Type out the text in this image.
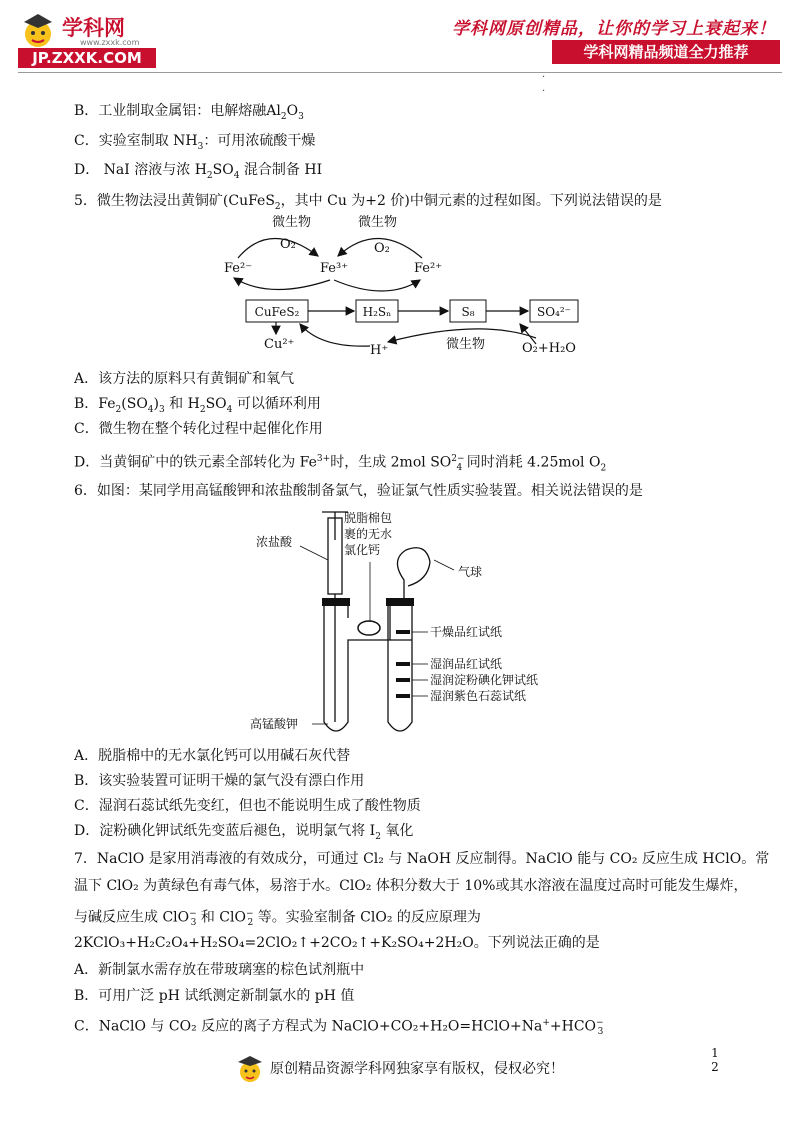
学科网
www.zxxk.com
JP.ZXXK.COM
学科网原创精品，让你的学习上衰起来！
学科网精品频道全力推荐
·
·
B．工业制取金属铝：电解熔融$Al_2O_3$
C．实验室制取 $NH_3$：可用浓硫酸干燥
D． NaI 溶液与浓 $H_2SO_4$ 混合制备 HI
5．微生物法浸出黄铜矿(CuFeS$_2$，其中 Cu 为+2 价)中铜元素的过程如图。下列说法错误的是
微生物	微生物
O₂	O₂
Fe²⁻	Fe³⁺	Fe²⁺
Cu²⁺	H⁺	微生物	O₂+H₂O
CuFeS₂	H₂Sₙ	S₈	SO₄²⁻
A．该方法的原料只有黄铜矿和氧气
B．$Fe_2(SO_4)_3$ 和 $H_2SO_4$ 可以循环利用
C．微生物在整个转化过程中起催化作用
D．当黄铜矿中的铁元素全部转化为 $Fe^{3+}$时，生成 2mol $SO^{2-}_4$ 同时消耗 4.25mol $O_2$
6．如图：某同学用高锰酸钾和浓盐酸制备氯气，验证氯气性质实验装置。相关说法错误的是
脱脂棉包
裹的无水
氯化钙
浓盐酸
气球
干燥品红试纸
湿润品红试纸
湿润淀粉碘化钾试纸
湿润紫色石蕊试纸
高锰酸钾
A．脱脂棉中的无水氯化钙可以用碱石灰代替
B．该实验装置可证明干燥的氯气没有漂白作用
C．湿润石蕊试纸先变红，但也不能说明生成了酸性物质
D．淀粉碘化钾试纸先变蓝后褪色，说明氯气将 $I_2$ 氧化
7．NaClO 是家用消毒液的有效成分，可通过 Cl₂ 与 NaOH 反应制得。NaClO 能与 CO₂ 反应生成 HClO。常
温下 ClO₂ 为黄绿色有毒气体，易溶于水。ClO₂ 体积分数大于 10%或其水溶液在温度过高时可能发生爆炸，
与碱反应生成 ClO−$_3$ 和 ClO−$_2$ 等。实验室制备 ClO₂ 的反应原理为
2KClO₃+H₂C₂O₄+H₂SO₄=2ClO₂↑+2CO₂↑+K₂SO₄+2H₂O。下列说法正确的是
A．新制氯水需存放在带玻璃塞的棕色试剂瓶中
B．可用广泛 pH 试纸测定新制氯水的 pH 值
C．NaClO 与 CO₂ 反应的离子方程式为 $NaClO+CO_2+H_2O=HClO+Na^++HCO^-_3$
原创精品资源学科网独家享有版权，侵权必究！
1
2
